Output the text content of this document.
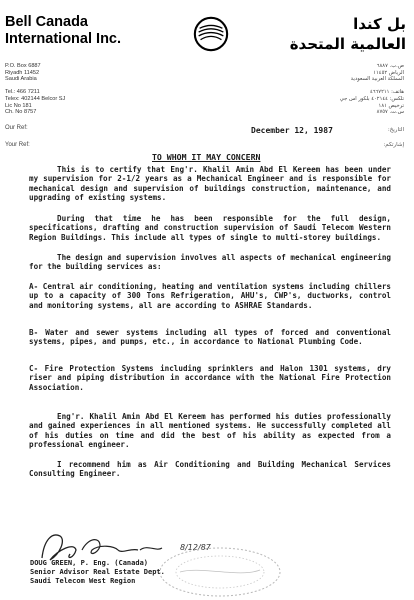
Bell Canada
International Inc.
بل كندا
العالمية المتحدة
P.O. Box 6887
Riyadh 11452
Saudi Arabia

Tel.: 466 7211
Telex: 402144 Belcor SJ
Lic No 181
Ch. No 8757
ص.ب. ٦٨٨٧
الرياض ١١٤٥٢
المملكة العربية السعودية

هاتف: ٤٦٦٧٢١١
تلكس: ٤٠٢١٤٤ بلكور اس جي
ترخيص ١٨١
س.ت. ٨٧٥٧
Our Ref:
Your Ref:
التاريخ:
إشارتكم:
December 12, 1987
TO WHOM IT MAY CONCERN

This is to certify that Eng'r. Khalil Amin Abd El Kereem has been under my supervision for 2-1/2 years as a Mechanical Engineer and is responsible for mechanical design and supervision of buildings construction, maintenance, and upgrading of existing systems.

During that time he has been responsible for the full design, specifications, drafting and construction supervision of Saudi Telecom Western Region Buildings. This include all types of single to multi-storey buildings.

The design and supervision involves all aspects of mechanical engineering for the building services as:

A- Central air conditioning, heating and ventilation systems including chillers up to a capacity of 300 Tons Refrigeration, AHU's, CWP's, ductworks, control and monitoring systems, all are according to ASHRAE Standards.

B- Water and sewer systems including all types of forced and conventional systems, pipes, and pumps, etc., in accordance to National Plumbing Code.

C- Fire Protection Systems including sprinklers and Halon 1301 systems, dry riser and piping distribution in accordance with the National Fire Protection Association.

Eng'r. Khalil Amin Abd El Kereem has performed his duties professionally and gained experiences in all mentioned systems. He successfully completed all of his duties on time and did the best of his ability as expected from a professional engineer.

I recommend him as Air Conditioning and Building Mechanical Services Consulting Engineer.

8/12/87
DOUG GREEN, P. Eng. (Canada)
Senior Advisor Real Estate Dept.
Saudi Telecom West Region
